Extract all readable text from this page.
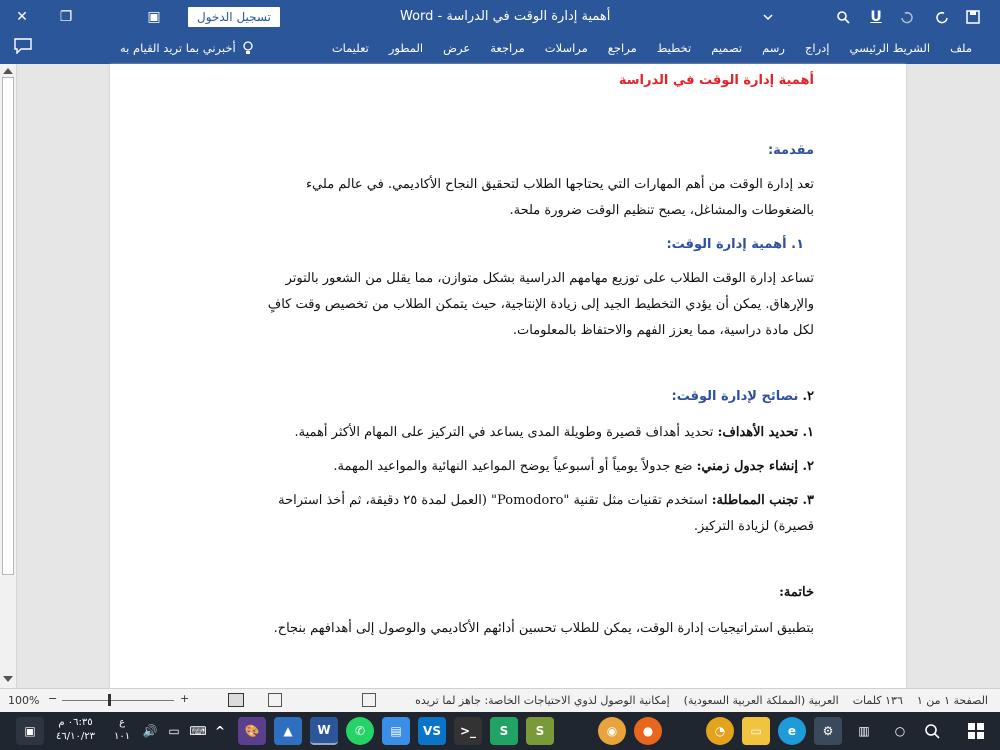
✕	❐	▣	تسجيل الدخول	أهمية إدارة الوقت في الدراسة - Word	U
ملف
الشريط الرئيسي
إدراج
رسم
تصميم
تخطيط
مراجع
مراسلات
مراجعة
عرض
المطور
تعليمات
أخبرني بما تريد القيام به

أهمية إدارة الوقت في الدراسة

مقدمة:

تعد إدارة الوقت من أهم المهارات التي يحتاجها الطلاب لتحقيق النجاح الأكاديمي. في عالم مليء

بالضغوطات والمشاغل، يصبح تنظيم الوقت ضرورة ملحة.

١. أهمية إدارة الوقت:

تساعد إدارة الوقت الطلاب على توزيع مهامهم الدراسية بشكل متوازن، مما يقلل من الشعور بالتوتر

والإرهاق. يمكن أن يؤدي التخطيط الجيد إلى زيادة الإنتاجية، حيث يتمكن الطلاب من تخصيص وقت كافٍ

لكل مادة دراسية، مما يعزز الفهم والاحتفاظ بالمعلومات.

٢. نصائح لإدارة الوقت:

١. تحديد الأهداف: تحديد أهداف قصيرة وطويلة المدى يساعد في التركيز على المهام الأكثر أهمية.

٢. إنشاء جدول زمني: ضع جدولاً يومياً أو أسبوعياً يوضح المواعيد النهائية والمواعيد المهمة.

٣. تجنب المماطلة: استخدم تقنيات مثل تقنية "Pomodoro" (العمل لمدة ٢٥ دقيقة، ثم أخذ استراحة

قصيرة) لزيادة التركيز.

خاتمة:

بتطبيق استراتيجيات إدارة الوقت، يمكن للطلاب تحسين أدائهم الأكاديمي والوصول إلى أهدافهم بنجاح.

الصفحة ١ من ١
١٣٦ كلمات
العربية (المملكة العربية السعودية)
إمكانية الوصول لذوي الاحتياجات الخاصة: جاهز لما تريده
100% −	+
▣
٠٦:٣٥ م
٤٦/١٠/٢٣
ع
١٠١	🔊 ▭ ⌨ ^	🎨	▲	W	✆	▤	VS	>_	S S	◉	●	◔	▭	e	⚙	▥	○
